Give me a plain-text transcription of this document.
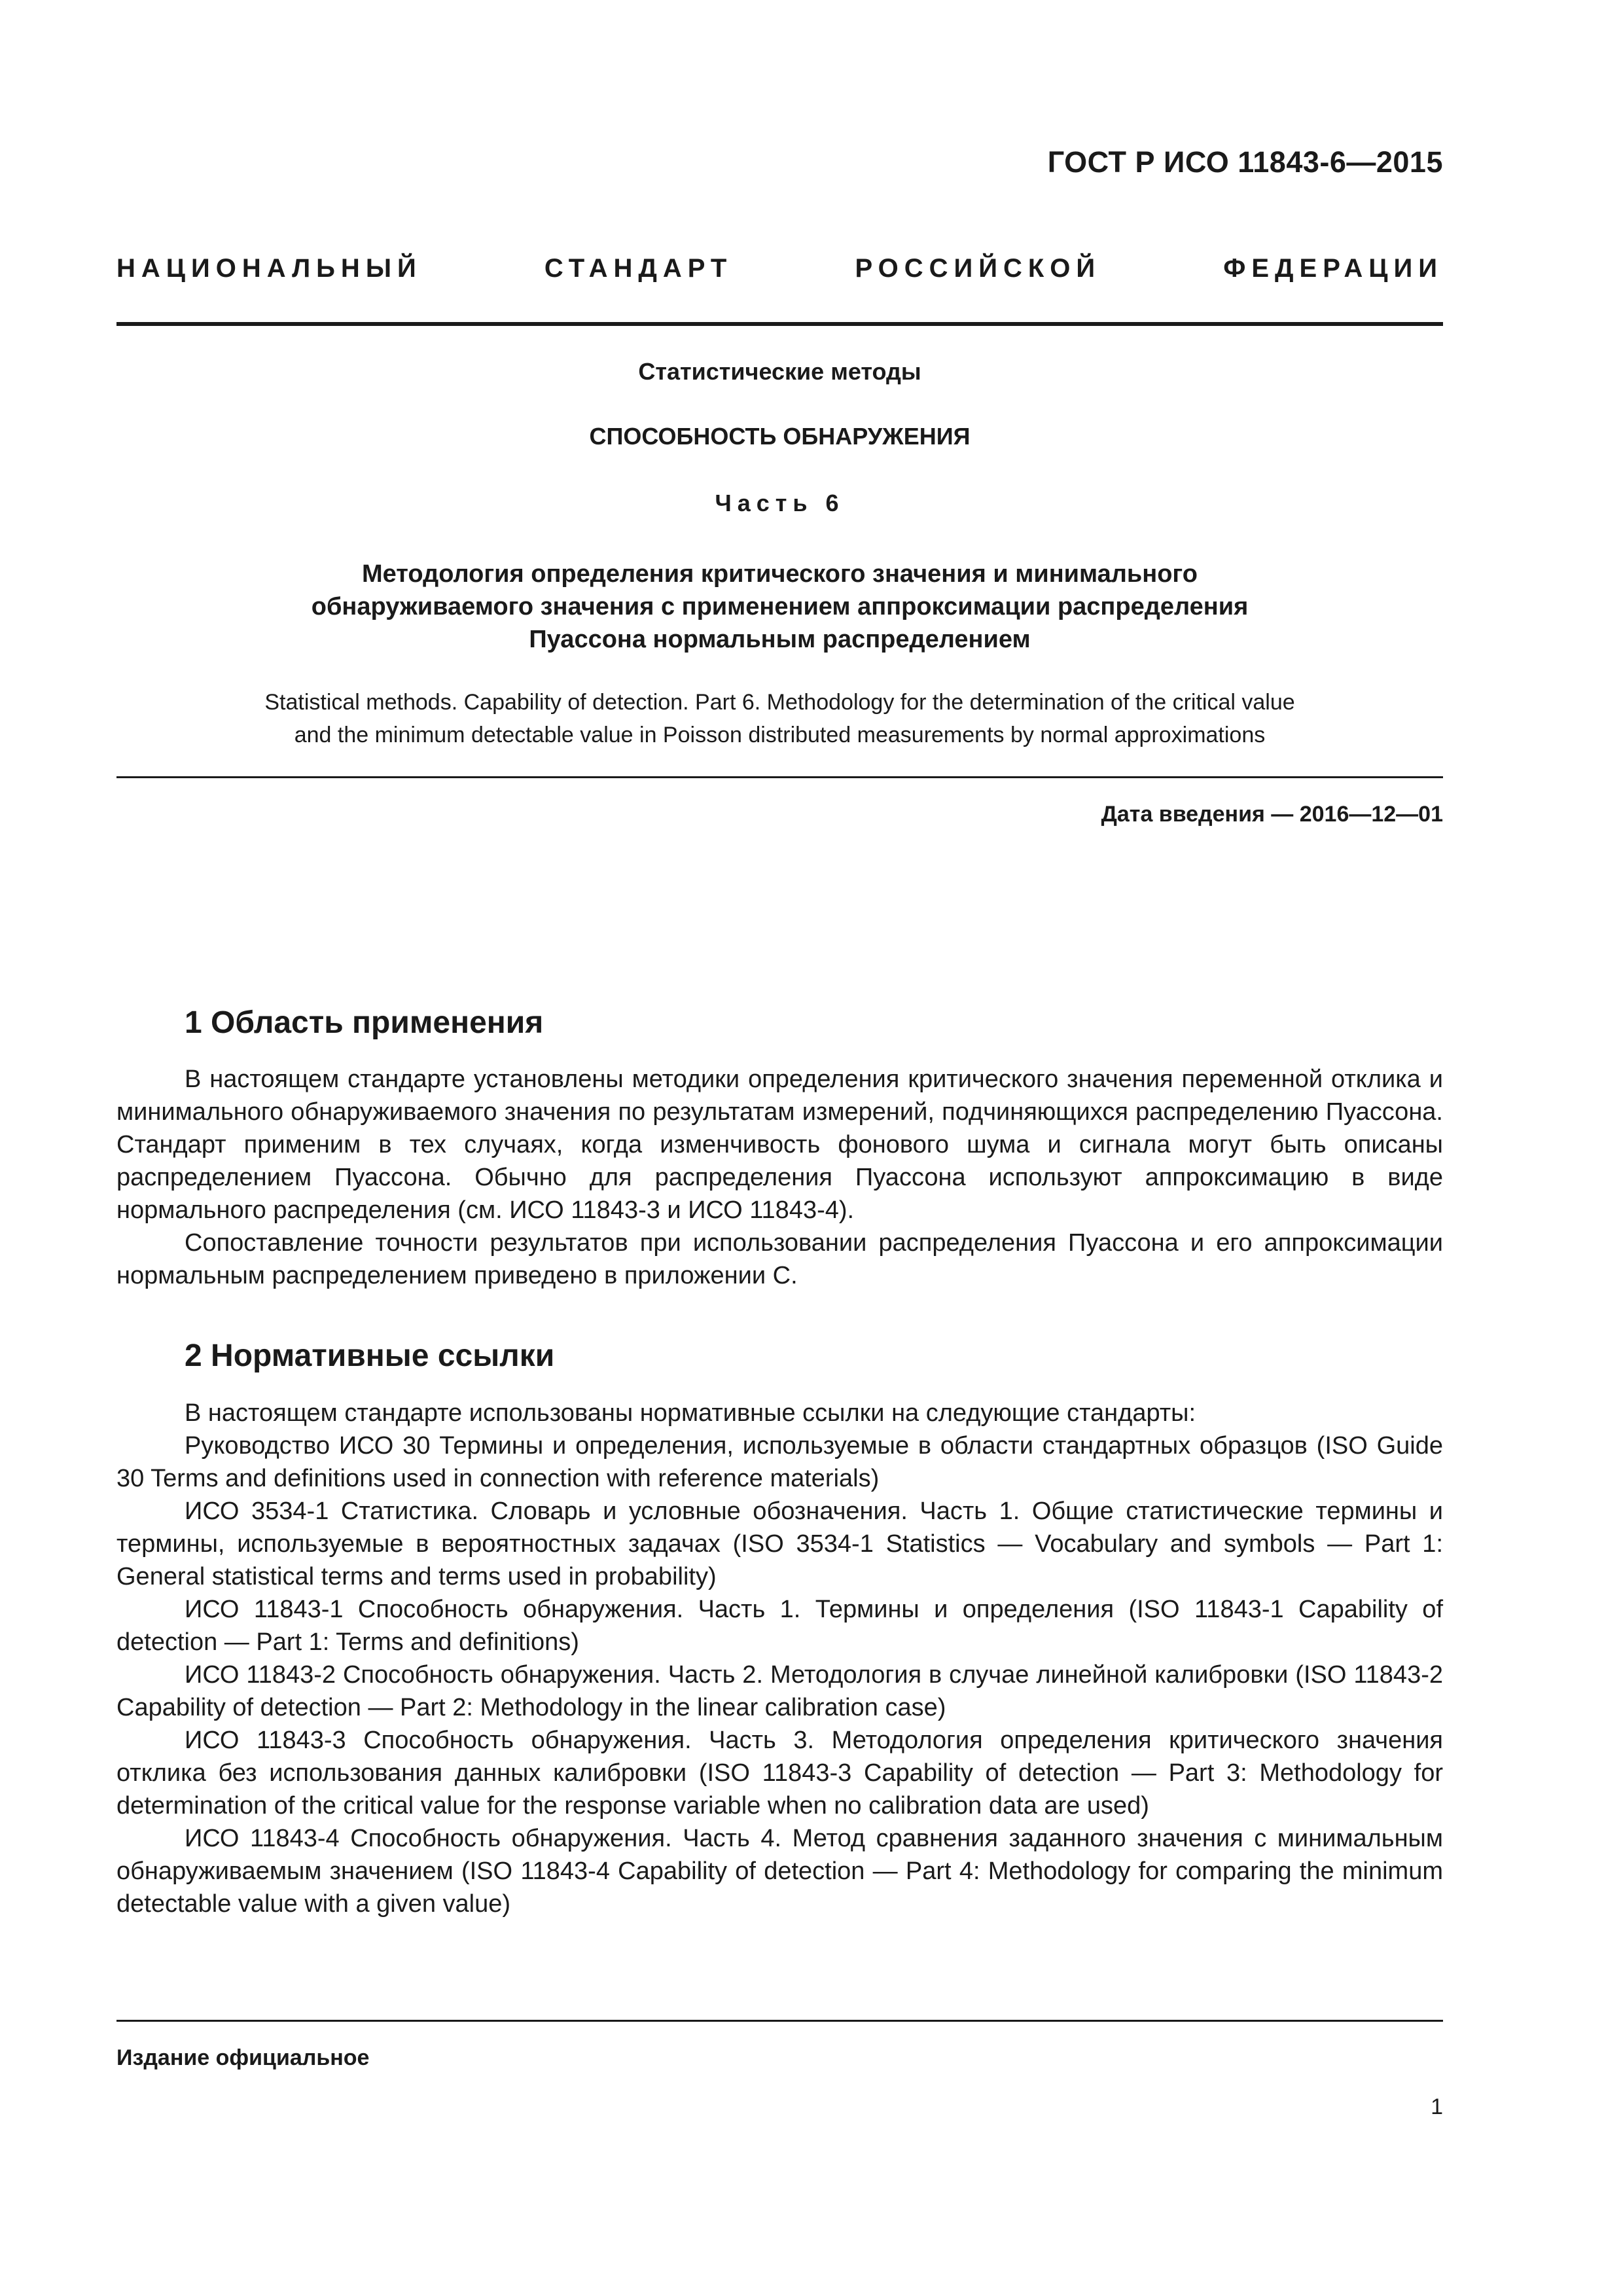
ГОСТ Р ИСО 11843-6—2015
НАЦИОНАЛЬНЫЙ	СТАНДАРТ	РОССИЙСКОЙ	ФЕДЕРАЦИИ
Статистические методы
СПОСОБНОСТЬ ОБНАРУЖЕНИЯ
Часть 6
Методология определения критического значения и минимального
обнаруживаемого значения с применением аппроксимации распределения
Пуассона нормальным распределением
Statistical methods. Capability of detection. Part 6. Methodology for the determination of the critical value
and the minimum detectable value in Poisson distributed measurements by normal approximations
Дата введения — 2016—12—01
1 Область применения

В настоящем стандарте установлены методики определения критического значения переменной отклика и минимального обнаруживаемого значения по результатам измерений, подчиняющихся распределению Пуассона. Стандарт применим в тех случаях, когда изменчивость фонового шума и сигнала могут быть описаны распределением Пуассона. Обычно для распределения Пуассона используют аппроксимацию в виде нормального распределения (см. ИСО 11843-3 и ИСО 11843-4).

Сопоставление точности результатов при использовании распределения Пуассона и его аппроксимации нормальным распределением приведено в приложении С.

2 Нормативные ссылки

В настоящем стандарте использованы нормативные ссылки на следующие стандарты:

Руководство ИСО 30 Термины и определения, используемые в области стандартных образцов (ISO Guide 30 Terms and definitions used in connection with reference materials)

ИСО 3534-1 Статистика. Словарь и условные обозначения. Часть 1. Общие статистические термины и термины, используемые в вероятностных задачах (ISO 3534-1 Statistics — Vocabulary and symbols — Part 1: General statistical terms and terms used in probability)

ИСО 11843-1 Способность обнаружения. Часть 1. Термины и определения (ISO 11843-1 Capability of detection — Part 1: Terms and definitions)

ИСО 11843-2 Способность обнаружения. Часть 2. Методология в случае линейной калибровки (ISO 11843-2 Capability of detection — Part 2: Methodology in the linear calibration case)

ИСО 11843-3 Способность обнаружения. Часть 3. Методология определения критического значения отклика без использования данных калибровки (ISO 11843-3 Capability of detection — Part 3: Methodology for determination of the critical value for the response variable when no calibration data are used)

ИСО 11843-4 Способность обнаружения. Часть 4. Метод сравнения заданного значения с минимальным обнаруживаемым значением (ISO 11843-4 Capability of detection — Part 4: Methodology for comparing the minimum detectable value with a given value)

Издание официальное
1
